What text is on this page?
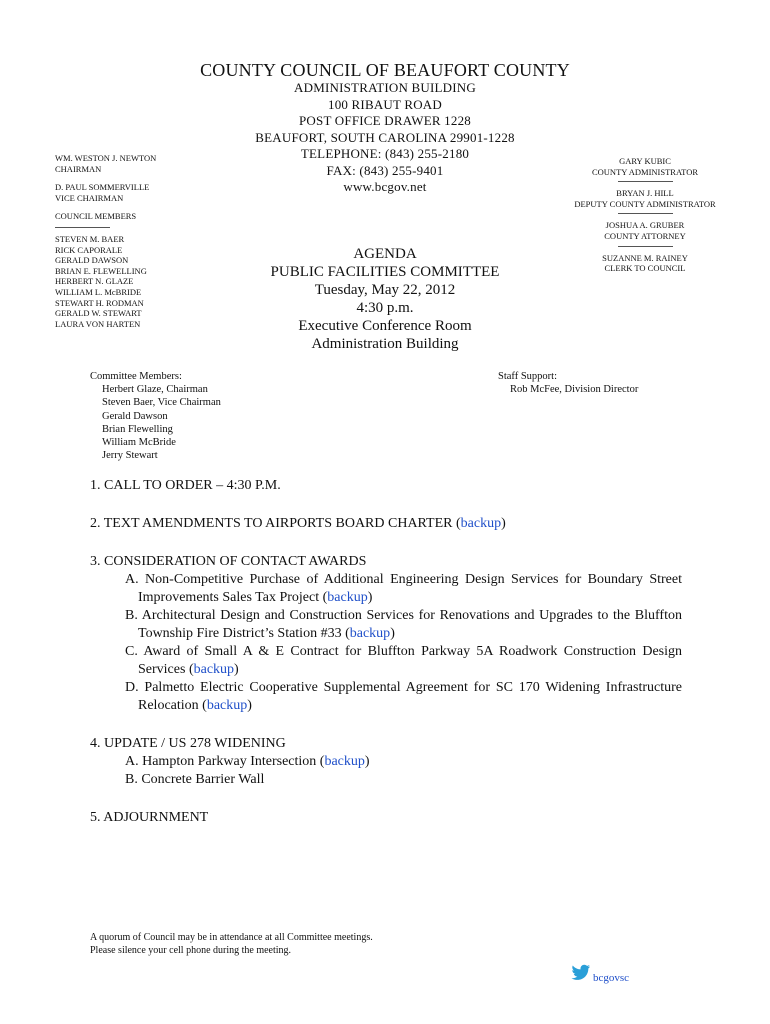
COUNTY COUNCIL OF BEAUFORT COUNTY
ADMINISTRATION BUILDING
100 RIBAUT ROAD
POST OFFICE DRAWER 1228
BEAUFORT, SOUTH CAROLINA 29901-1228
TELEPHONE: (843) 255-2180
FAX: (843) 255-9401
www.bcgov.net
WM. WESTON J. NEWTON
CHAIRMAN
D. PAUL SOMMERVILLE
VICE CHAIRMAN
COUNCIL MEMBERS
STEVEN M. BAER
RICK CAPORALE
GERALD DAWSON
BRIAN E. FLEWELLING
HERBERT N. GLAZE
WILLIAM L. McBRIDE
STEWART H. RODMAN
GERALD W. STEWART
LAURA VON HARTEN
GARY KUBIC
COUNTY ADMINISTRATOR
BRYAN J. HILL
DEPUTY COUNTY ADMINISTRATOR
JOSHUA A. GRUBER
COUNTY ATTORNEY
SUZANNE M. RAINEY
CLERK TO COUNCIL
AGENDA
PUBLIC FACILITIES COMMITTEE
Tuesday, May 22, 2012
4:30 p.m.
Executive Conference Room
Administration Building
Committee Members:
Herbert Glaze, Chairman
Steven Baer, Vice Chairman
Gerald Dawson
Brian Flewelling
William McBride
Jerry Stewart
Staff Support:
Rob McFee, Division Director
1. CALL TO ORDER – 4:30 P.M.
2. TEXT AMENDMENTS TO AIRPORTS BOARD CHARTER (backup)
3. CONSIDERATION OF CONTACT AWARDS
A. Non-Competitive Purchase of Additional Engineering Design Services for Boundary Street Improvements Sales Tax Project (backup)
B. Architectural Design and Construction Services for Renovations and Upgrades to the Bluffton Township Fire District’s Station #33 (backup)
C. Award of Small A & E Contract for Bluffton Parkway 5A Roadwork Construction Design Services (backup)
D. Palmetto Electric Cooperative Supplemental Agreement for SC 170 Widening Infrastructure Relocation (backup)
4. UPDATE / US 278 WIDENING
A. Hampton Parkway Intersection (backup)
B. Concrete Barrier Wall
5. ADJOURNMENT
A quorum of Council may be in attendance at all Committee meetings.
Please silence your cell phone during the meeting.
bcgovsc
